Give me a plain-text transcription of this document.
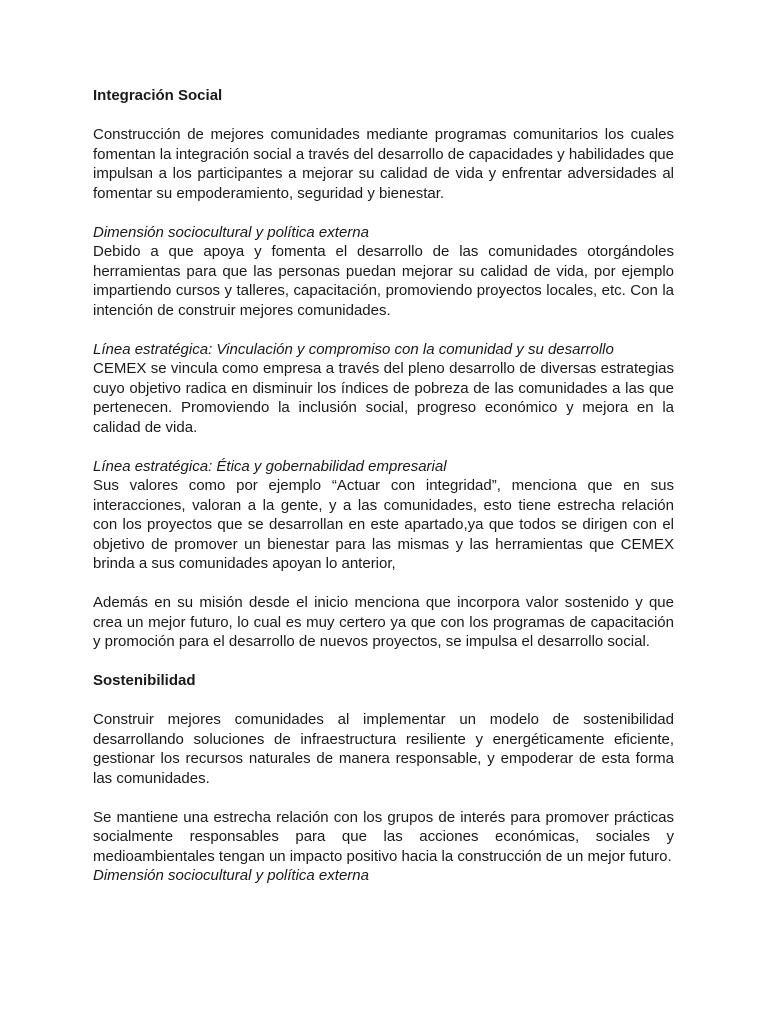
Integración Social

Construcción de mejores comunidades mediante programas comunitarios los cuales fomentan la integración social a través del desarrollo de capacidades y habilidades que impulsan a los participantes a mejorar su calidad de vida y enfrentar adversidades al fomentar su empoderamiento, seguridad y bienestar.

Dimensión sociocultural y política externa

Debido a que apoya y fomenta el desarrollo de las comunidades otorgándoles herramientas para que las personas puedan mejorar su calidad de vida, por ejemplo impartiendo cursos y talleres, capacitación, promoviendo proyectos locales, etc. Con la intención de construir mejores comunidades.

Línea estratégica: Vinculación y compromiso con la comunidad y su desarrollo

CEMEX se vincula como empresa a través del pleno desarrollo de diversas estrategias cuyo objetivo radica en disminuir los índices de pobreza de las comunidades a las que pertenecen. Promoviendo la inclusión social, progreso económico y mejora en la calidad de vida.

Línea estratégica: Ética y gobernabilidad empresarial

Sus valores como por ejemplo “Actuar con integridad”, menciona que en sus interacciones, valoran a la gente, y a las comunidades, esto tiene estrecha relación con los proyectos que se desarrollan en este apartado,ya que todos se dirigen con el objetivo de promover un bienestar para las mismas y las herramientas que CEMEX brinda a sus comunidades apoyan lo anterior,

Además en su misión desde el inicio menciona que incorpora valor sostenido y que crea un mejor futuro, lo cual es muy certero ya que con los programas de capacitación y promoción para el desarrollo de nuevos proyectos, se impulsa el desarrollo social.

Sostenibilidad

Construir mejores comunidades al implementar un modelo de sostenibilidad desarrollando soluciones de infraestructura resiliente y energéticamente eficiente, gestionar los recursos naturales de manera responsable, y empoderar de esta forma las comunidades.

Se mantiene una estrecha relación con los grupos de interés para promover prácticas socialmente responsables para que las acciones económicas, sociales y medioambientales tengan un impacto positivo hacia la construcción de un mejor futuro.

Dimensión sociocultural y política externa
